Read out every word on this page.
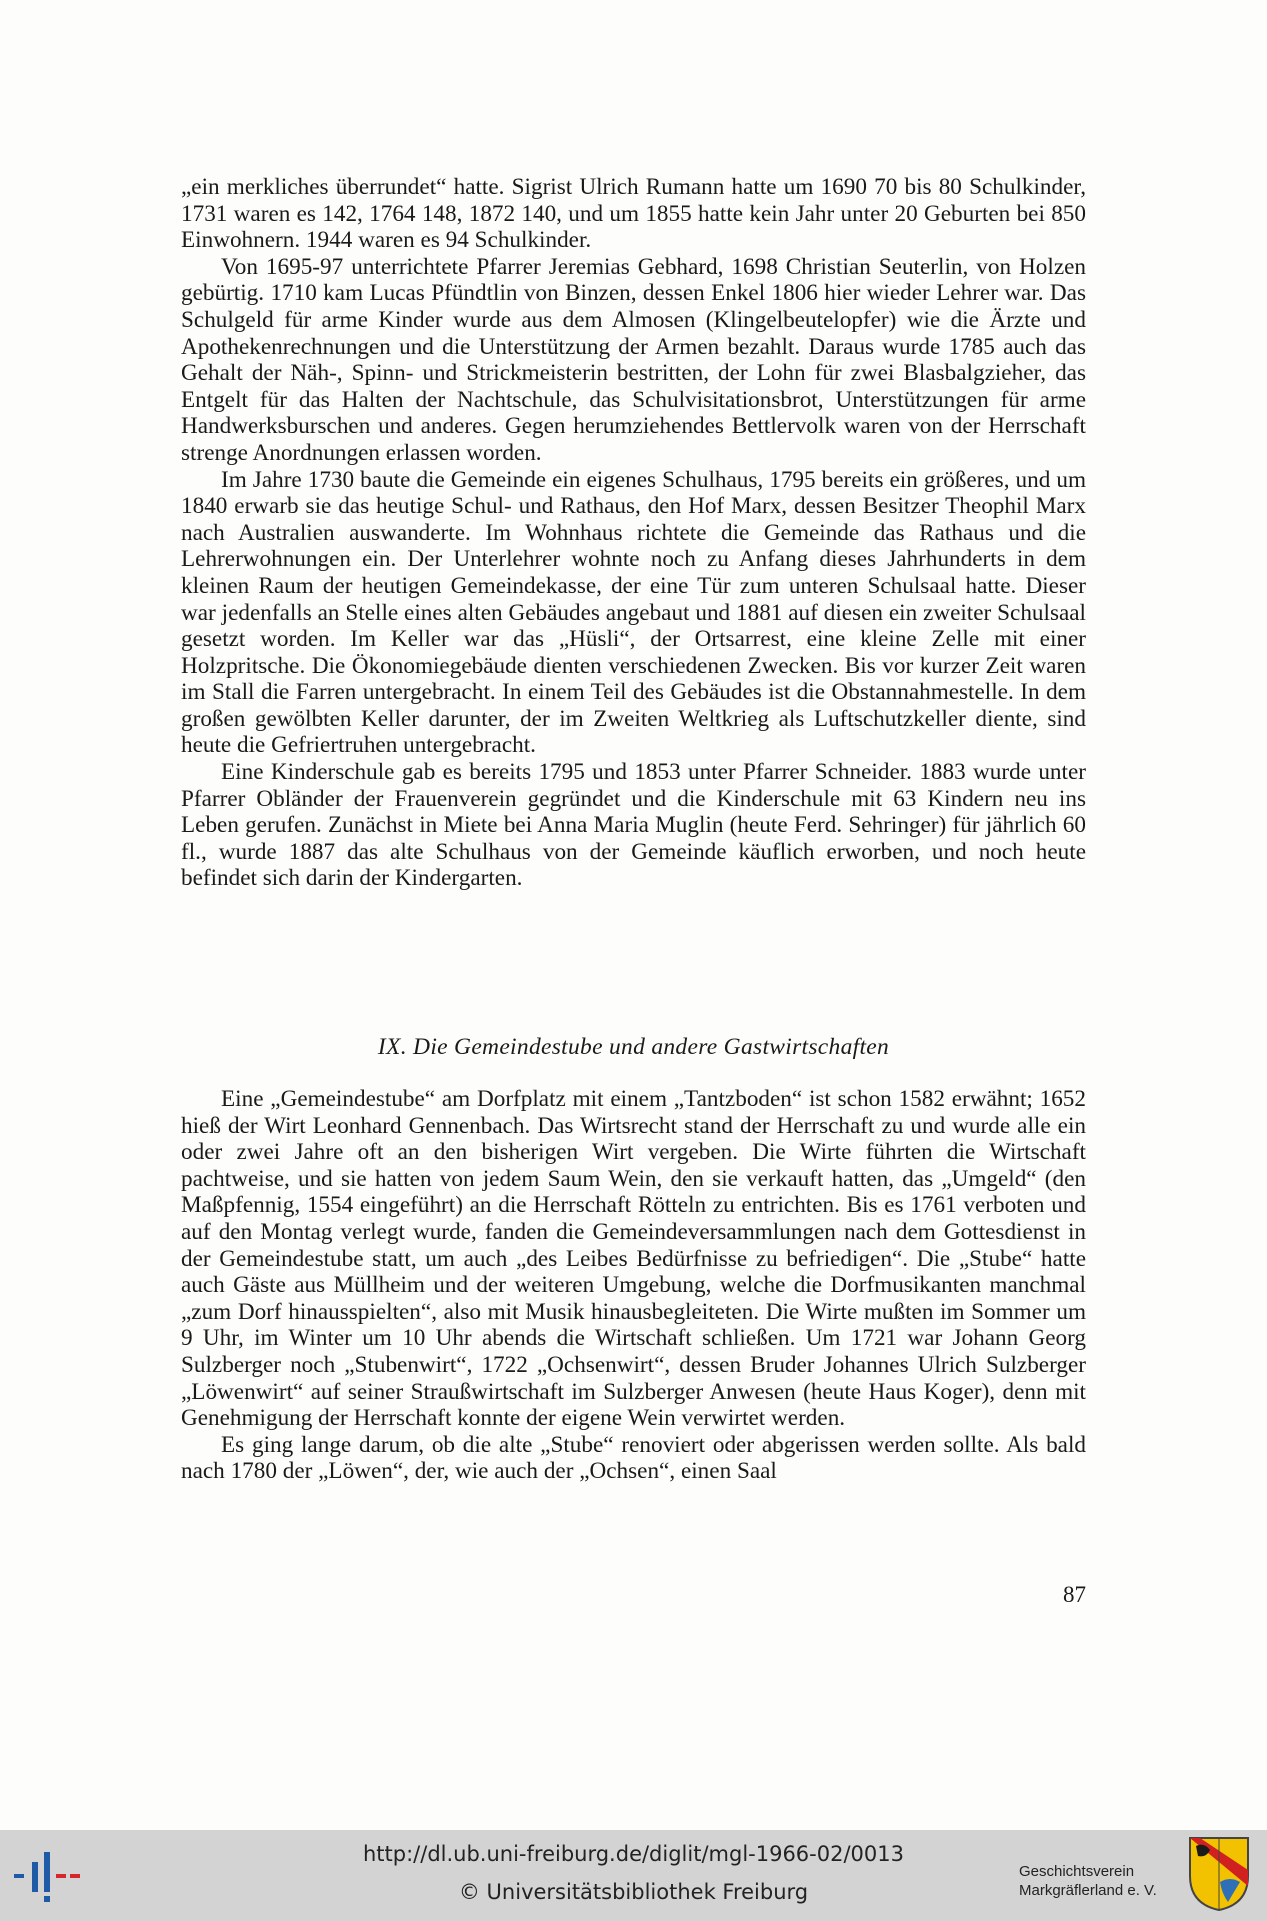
„ein merkliches überrundet“ hatte. Sigrist Ulrich Rumann hatte um 1690 70 bis 80 Schulkinder, 1731 waren es 142, 1764 148, 1872 140, und um 1855 hatte kein Jahr unter 20 Geburten bei 850 Einwohnern. 1944 waren es 94 Schulkinder.

Von 1695-97 unterrichtete Pfarrer Jeremias Gebhard, 1698 Christian Seuterlin, von Holzen gebürtig. 1710 kam Lucas Pfündtlin von Binzen, dessen Enkel 1806 hier wieder Lehrer war. Das Schulgeld für arme Kinder wurde aus dem Almosen (Klingelbeutelopfer) wie die Ärzte und Apothekenrechnungen und die Unterstützung der Armen bezahlt. Daraus wurde 1785 auch das Gehalt der Näh-, Spinn- und Strickmeisterin bestritten, der Lohn für zwei Blasbalgzieher, das Entgelt für das Halten der Nachtschule, das Schulvisitationsbrot, Unterstützungen für arme Handwerksburschen und anderes. Gegen herumziehendes Bettlervolk waren von der Herrschaft strenge Anordnungen erlassen worden.

Im Jahre 1730 baute die Gemeinde ein eigenes Schulhaus, 1795 bereits ein größeres, und um 1840 erwarb sie das heutige Schul- und Rathaus, den Hof Marx, dessen Besitzer Theophil Marx nach Australien auswanderte. Im Wohnhaus richtete die Gemeinde das Rathaus und die Lehrerwohnungen ein. Der Unterlehrer wohnte noch zu Anfang dieses Jahrhunderts in dem kleinen Raum der heutigen Gemeindekasse, der eine Tür zum unteren Schulsaal hatte. Dieser war jedenfalls an Stelle eines alten Gebäudes angebaut und 1881 auf diesen ein zweiter Schulsaal gesetzt worden. Im Keller war das „Hüsli“, der Ortsarrest, eine kleine Zelle mit einer Holzpritsche. Die Ökonomiegebäude dienten verschiedenen Zwecken. Bis vor kurzer Zeit waren im Stall die Farren untergebracht. In einem Teil des Gebäudes ist die Obstannahmestelle. In dem großen gewölbten Keller darunter, der im Zweiten Weltkrieg als Luftschutzkeller diente, sind heute die Gefriertruhen untergebracht.

Eine Kinderschule gab es bereits 1795 und 1853 unter Pfarrer Schneider. 1883 wurde unter Pfarrer Obländer der Frauenverein gegründet und die Kinderschule mit 63 Kindern neu ins Leben gerufen. Zunächst in Miete bei Anna Maria Muglin (heute Ferd. Sehringer) für jährlich 60 fl., wurde 1887 das alte Schulhaus von der Gemeinde käuflich erworben, und noch heute befindet sich darin der Kindergarten.

IX. Die Gemeindestube und andere Gastwirtschaften

Eine „Gemeindestube“ am Dorfplatz mit einem „Tantzboden“ ist schon 1582 erwähnt; 1652 hieß der Wirt Leonhard Gennenbach. Das Wirtsrecht stand der Herrschaft zu und wurde alle ein oder zwei Jahre oft an den bisherigen Wirt vergeben. Die Wirte führten die Wirtschaft pachtweise, und sie hatten von jedem Saum Wein, den sie verkauft hatten, das „Umgeld“ (den Maßpfennig, 1554 eingeführt) an die Herrschaft Rötteln zu entrichten. Bis es 1761 verboten und auf den Montag verlegt wurde, fanden die Gemeindeversammlungen nach dem Gottesdienst in der Gemeindestube statt, um auch „des Leibes Bedürfnisse zu befriedigen“. Die „Stube“ hatte auch Gäste aus Müllheim und der weiteren Umgebung, welche die Dorfmusikanten manchmal „zum Dorf hinausspielten“, also mit Musik hinausbegleiteten. Die Wirte mußten im Sommer um 9 Uhr, im Winter um 10 Uhr abends die Wirtschaft schließen. Um 1721 war Johann Georg Sulzberger noch „Stubenwirt“, 1722 „Ochsenwirt“, dessen Bruder Johannes Ulrich Sulzberger „Löwenwirt“ auf seiner Straußwirtschaft im Sulzberger Anwesen (heute Haus Koger), denn mit Genehmigung der Herrschaft konnte der eigene Wein verwirtet werden.

Es ging lange darum, ob die alte „Stube“ renoviert oder abgerissen werden sollte. Als bald nach 1780 der „Löwen“, der, wie auch der „Ochsen“, einen Saal

87
http://dl.ub.uni-freiburg.de/diglit/mgl-1966-02/0013
© Universitätsbibliothek Freiburg
Geschichtsverein
Markgräflerland e. V.
